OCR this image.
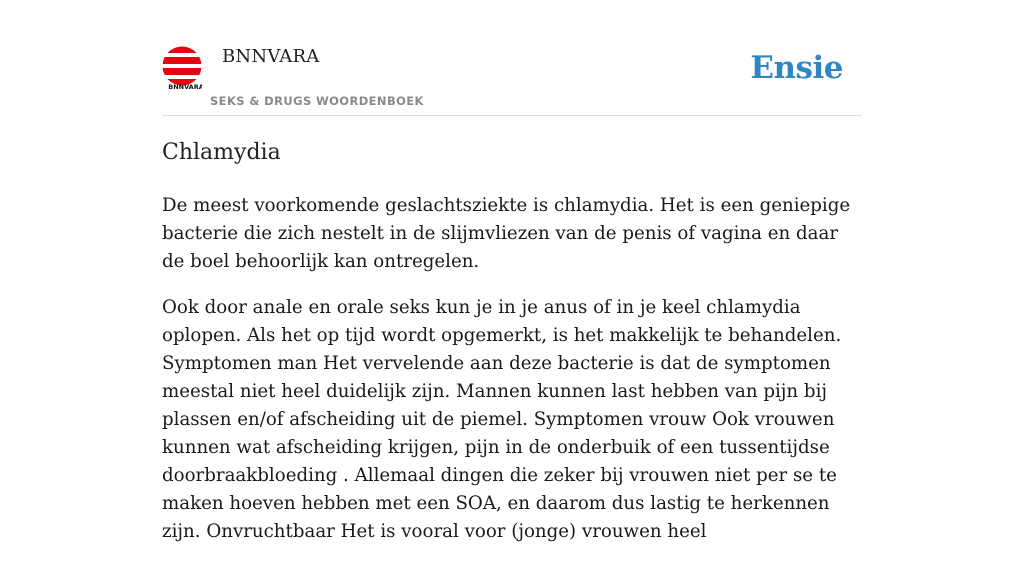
BNNVARA
BNNVARA
SEKS & DRUGS WOORDENBOEK
Ensie
Chlamydia

De meest voorkomende geslachtsziekte is chlamydia. Het is een geniepige bacterie die zich nestelt in de slijmvliezen van de penis of vagina en daar de boel behoorlijk kan ontregelen.

Ook door anale en orale seks kun je in je anus of in je keel chlamydia oplopen. Als het op tijd wordt opgemerkt, is het makkelijk te behandelen. Symptomen man Het vervelende aan deze bacterie is dat de symptomen meestal niet heel duidelijk zijn. Mannen kunnen last hebben van pijn bij plassen en/of afscheiding uit de piemel. Symptomen vrouw Ook vrouwen kunnen wat afscheiding krijgen, pijn in de onderbuik of een tussentijdse doorbraakbloeding . Allemaal dingen die zeker bij vrouwen niet per se te maken hoeven hebben met een SOA, en daarom dus lastig te herkennen zijn. Onvruchtbaar Het is vooral voor (jonge) vrouwen heel
